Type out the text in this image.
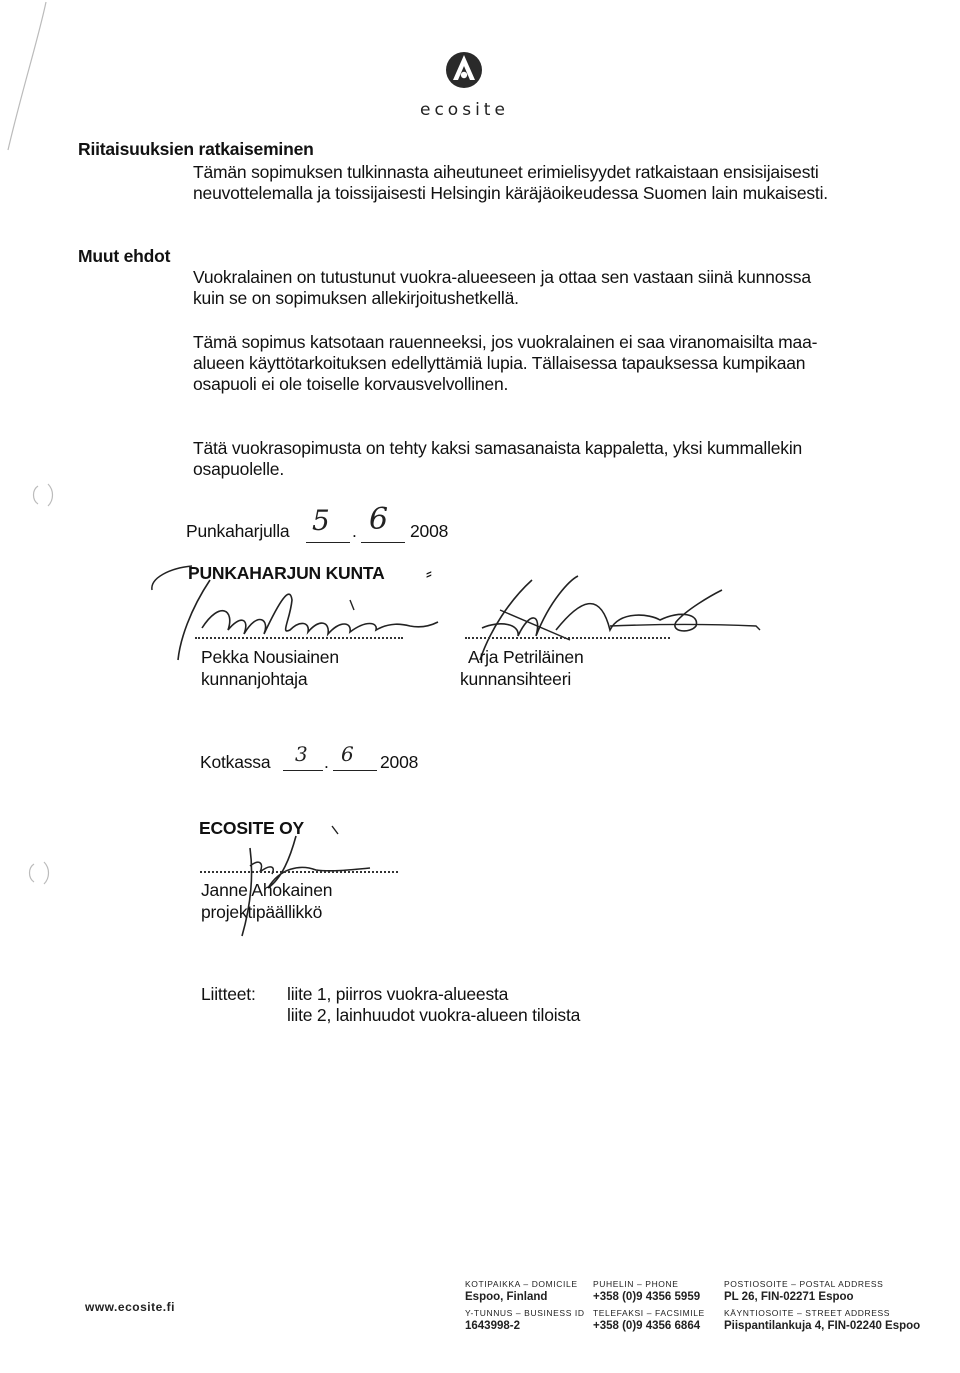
ecosite
Riitaisuuksien ratkaiseminen
Tämän sopimuksen tulkinnasta aiheutuneet erimielisyydet ratkaistaan ensisijaisesti
neuvottelemalla ja toissijaisesti Helsingin käräjäoikeudessa Suomen lain mukaisesti.
Muut ehdot
Vuokralainen on tutustunut vuokra-alueeseen ja ottaa sen vastaan siinä kunnossa
kuin se on sopimuksen allekirjoitushetkellä.
Tämä sopimus katsotaan rauenneeksi, jos vuokralainen ei saa viranomaisilta maa-
alueen käyttötarkoituksen edellyttämiä lupia. Tällaisessa tapauksessa kumpikaan
osapuoli ei ole toiselle korvausvelvollinen.
Tätä vuokrasopimusta on tehty kaksi samasanaista kappaletta, yksi kummallekin
osapuolelle.
Punkaharjulla 5 . 6 2008
PUNKAHARJUN KUNTA ⸗
Pekka Nousiainen
kunnanjohtaja
Arja Petriläinen
kunnansihteeri
Kotkassa 3 . 6 2008
ECOSITE OY
Janne Ahokainen
projektipäällikkö
Liitteet: liite 1, piirros vuokra-alueesta
liite 2, lainhuudot vuokra-alueen tiloista
www.ecosite.fi
KOTIPAIKKA – DOMICILE
Espoo, Finland
Y-TUNNUS – BUSINESS ID
1643998-2
PUHELIN – PHONE
+358 (0)9 4356 5959
TELEFAKSI – FACSIMILE
+358 (0)9 4356 6864
POSTIOSOITE – POSTAL ADDRESS
PL 26, FIN-02271 Espoo
KÄYNTIOSOITE – STREET ADDRESS
Piispantilankuja 4, FIN-02240 Espoo
